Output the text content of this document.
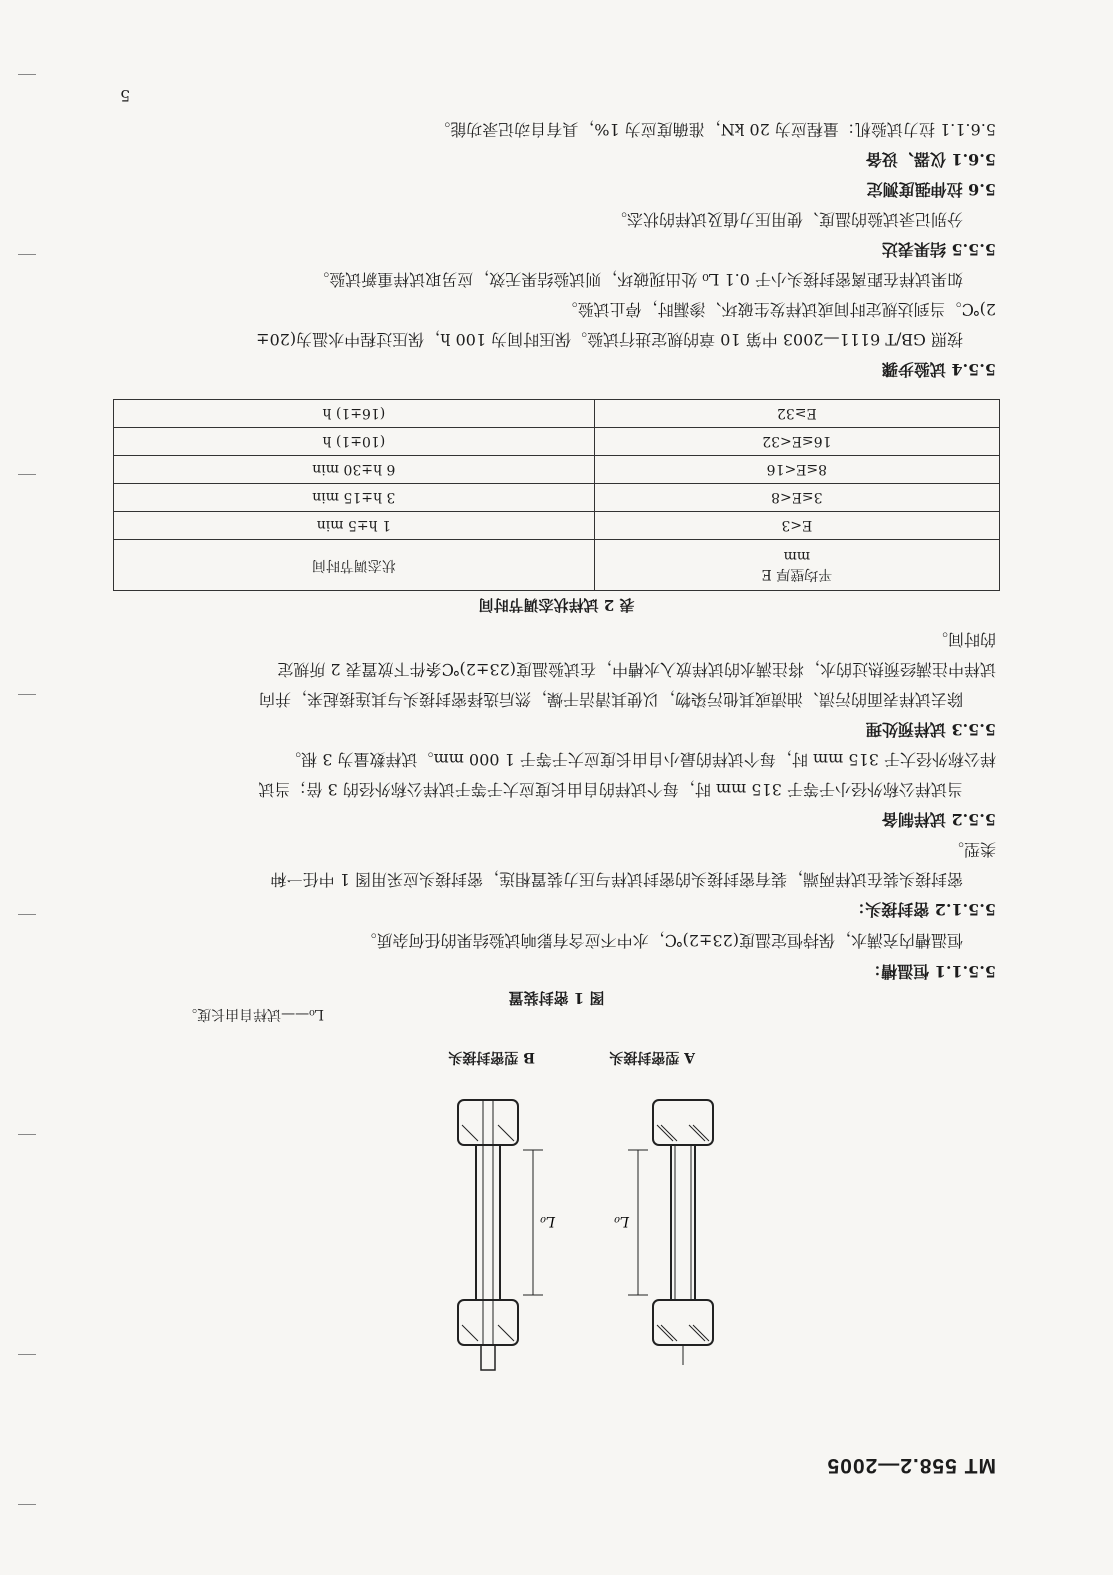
MT 558.2—2005
L₀
L₀
A 型密封接头
B 型密封接头
L₀——试样自由长度。
图 1 密封装置
5.5.1.1 恒温槽：
恒温槽内充满水，保持恒定温度(23±2)℃，水中不应含有影响试验结果的任何杂质。
5.5.1.2 密封接头：
密封接头装在试样两端，装有密封接头的密封试样与压力装置相连，密封接头应采用图 1 中任一种
类型。
5.5.2 试样制备
当试样公称外径小于等于 315 mm 时，每个试样的自由长度应大于等于试样公称外径的 3 倍；当试
样公称外径大于 315 mm 时，每个试样的最小自由长度应大于等于 1 000 mm。试样数量为 3 根。
5.5.3 试样预处理
除去试样表面的污渍、油渍或其他污染物，以使其清洁干燥，然后选择密封接头与其连接起来，并向
试样中注满经预热过的水，将注满水的试样放入水槽中，在试验温度(23±2)℃条件下放置表 2 所规定
的时间。
表 2 试样状态调节时间
平均壁厚 E
mm	状态调节时间
E<3	1 h±5 min
3≤E<8	3 h±15 min
8≤E<16	6 h±30 min
16≤E<32	(10±1) h
E≥32	(16±1) h
5.5.4 试验步骤
按照 GB/T 6111—2003 中第 10 章的规定进行试验。保压时间为 100 h，保压过程中水温为(20±
2)℃。当到达规定时间或试样发生破坏、渗漏时，停止试验。
如果试样在距离密封接头小于 0.1 L₀ 处出现破坏，则试验结果无效，应另取试样重新试验。
5.5.5 结果表达
分别记录试验的温度、使用压力值及试样的状态。
5.6 拉伸强度测定
5.6.1 仪器、设备
5.6.1.1 拉力试验机：量程应为 20 kN，准确度应为 1%，具有自动记录功能。
5
